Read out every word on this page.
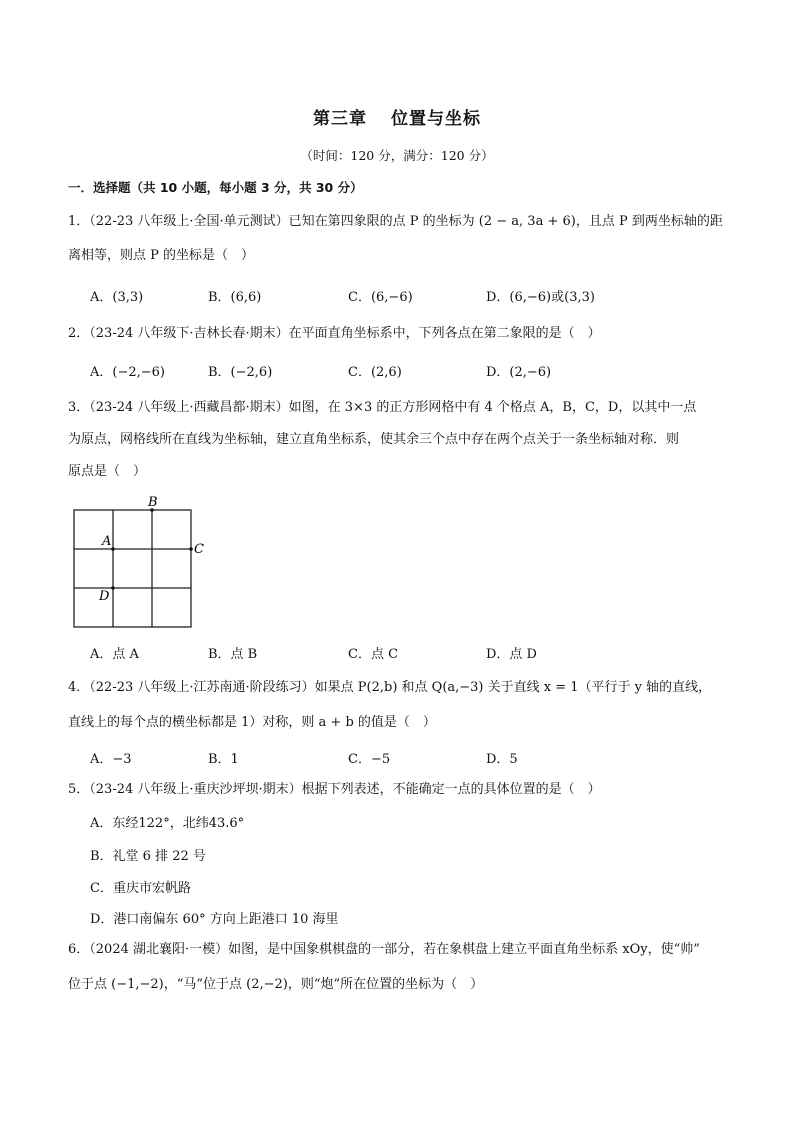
第三章 位置与坐标
（时间：120 分，满分：120 分）
一．选择题（共 10 小题，每小题 3 分，共 30 分）
1．（22-23 八年级上·全国·单元测试）已知在第四象限的点 P 的坐标为 (2 − a, 3a + 6)，且点 P 到两坐标轴的距
离相等，则点 P 的坐标是（　）
A．(3,3)	B．(6,6)	C．(6,−6)	D．(6,−6)或(3,3)
2．（23-24 八年级下·吉林长春·期末）在平面直角坐标系中，下列各点在第二象限的是（　）
A．(−2,−6)	B．(−2,6)	C．(2,6)	D．(2,−6)
3．（23-24 八年级上·西藏昌都·期末）如图，在 3×3 的正方形网格中有 4 个格点 A，B，C，D，以其中一点
为原点，网格线所在直线为坐标轴，建立直角坐标系，使其余三个点中存在两个点关于一条坐标轴对称．则
原点是（　）
B
A
C
D
A．点 A	B．点 B	C．点 C	D．点 D
4．（22-23 八年级上·江苏南通·阶段练习）如果点 P(2,b) 和点 Q(a,−3) 关于直线 x = 1（平行于 y 轴的直线，
直线上的每个点的横坐标都是 1）对称，则 a + b 的值是（　）
A．−3	B．1	C．−5	D．5
5．（23-24 八年级上·重庆沙坪坝·期末）根据下列表述，不能确定一点的具体位置的是（　）
A．东经122°，北纬43.6°
B．礼堂 6 排 22 号
C．重庆市宏帆路
D．港口南偏东 60° 方向上距港口 10 海里
6．（2024 湖北襄阳·一模）如图，是中国象棋棋盘的一部分，若在象棋盘上建立平面直角坐标系 xOy，使“帅”
位于点 (−1,−2)，“马”位于点 (2,−2)，则“炮”所在位置的坐标为（　）
